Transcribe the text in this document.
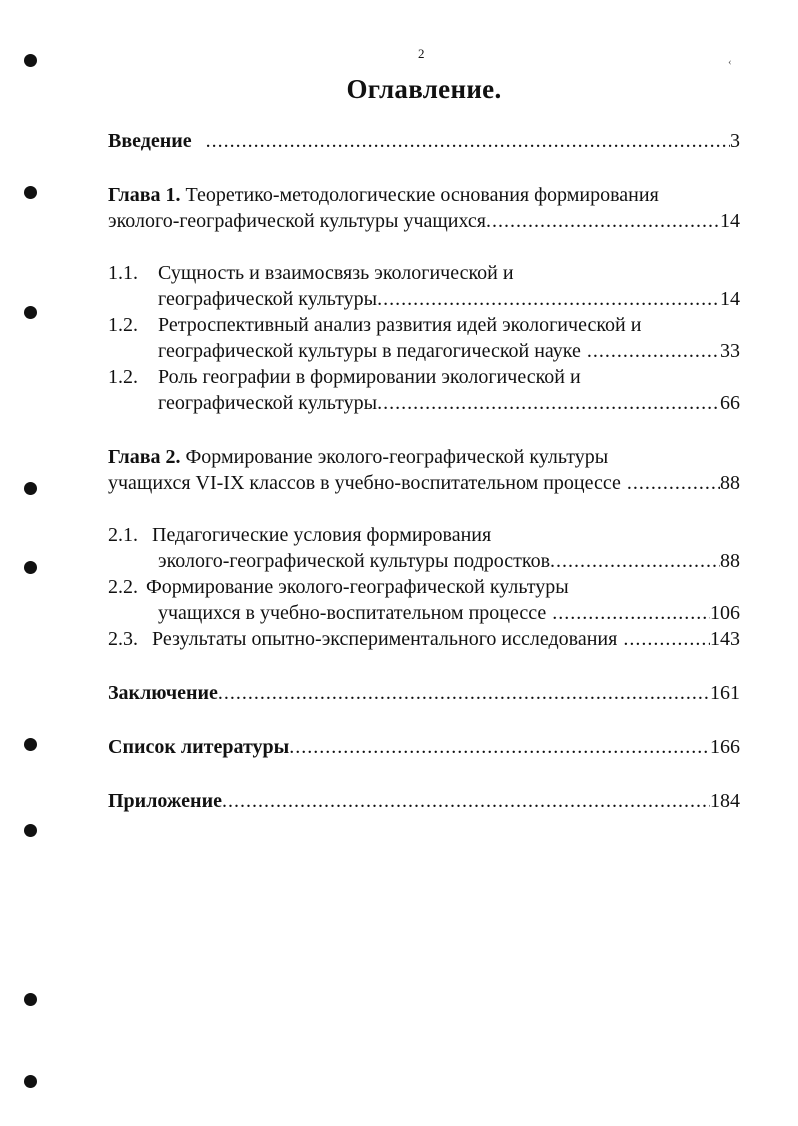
2
‹
Оглавление.
Введение .....	3
Глава 1. Теоретико-методологические основания формирования
эколого-географической культуры учащихся .....	14
1.1. Сущность и взаимосвязь экологической и
географической культуры .....	14
1.2. Ретроспективный анализ развития идей экологической и
географической культуры в педагогической науке .....	33
1.2. Роль географии в формировании экологической и
географической культуры .....	66
Глава 2. Формирование эколого-географической культуры
учащихся VI-IX классов в учебно-воспитательном процессе .....	88
2.1. Педагогические условия формирования
эколого-географической культуры подростков .....	88
2.2. Формирование эколого-географической культуры
учащихся в учебно-воспитательном процессе .....	106
2.3. Результаты опытно-экспериментального исследования .....	143
Заключение .....	161
Список литературы .....	166
Приложение .....	184
